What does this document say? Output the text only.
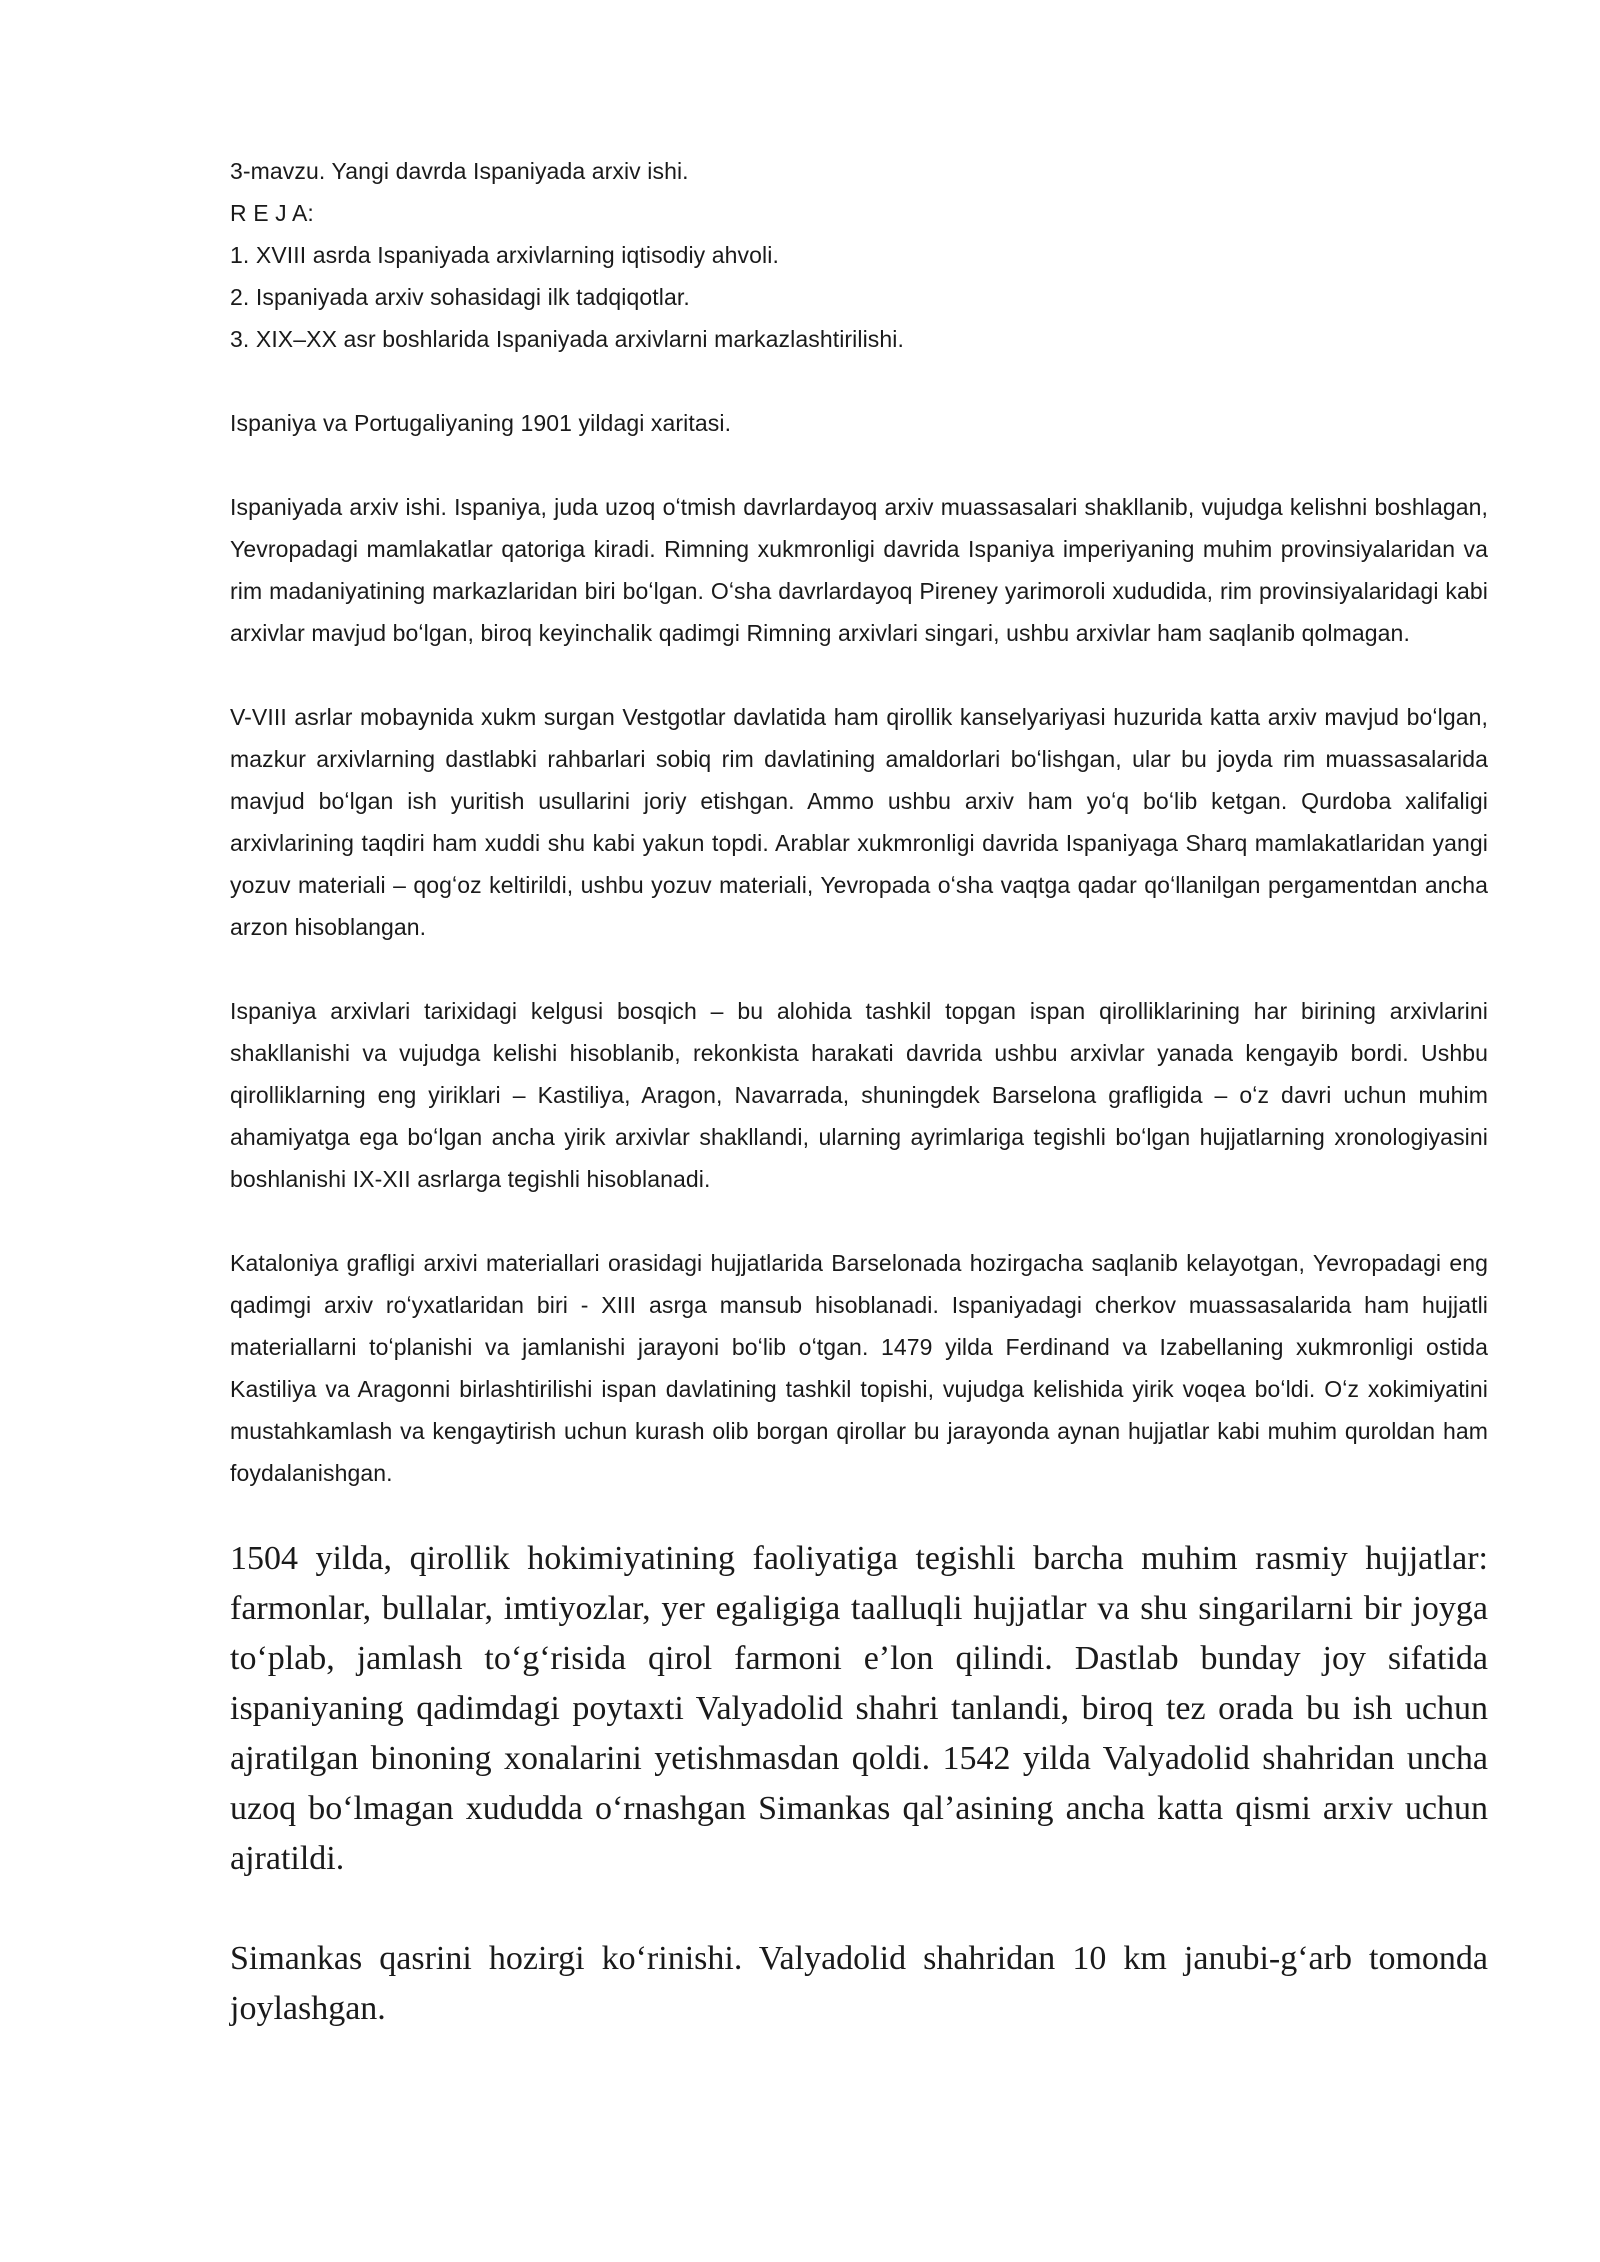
3-mavzu. Yangi davrda Ispaniyada arxiv ishi.
R E J A:
1. XVIII asrda Ispaniyada arxivlarning iqtisodiy ahvoli.
2. Ispaniyada arxiv sohasidagi ilk tadqiqotlar.
3. XIX–XX asr boshlarida Ispaniyada arxivlarni markazlashtirilishi.
Ispaniya va Portugaliyaning 1901 yildagi xaritasi.

Ispaniyada arxiv ishi. Ispaniya, juda uzoq oʻtmish davrlardayoq arxiv muassasalari shakllanib, vujudga kelishni boshlagan, Yevropadagi mamlakatlar qatoriga kiradi. Rimning xukmronligi davrida Ispaniya imperiyaning muhim provinsiyalaridan va rim madaniyatining markazlaridan biri boʻlgan. Oʻsha davrlardayoq Pireney yarimoroli xududida, rim provinsiyalaridagi kabi arxivlar mavjud boʻlgan, biroq keyinchalik qadimgi Rimning arxivlari singari, ushbu arxivlar ham saqlanib qolmagan.

V-VIII asrlar mobaynida xukm surgan Vestgotlar davlatida ham qirollik kanselyariyasi huzurida katta arxiv mavjud boʻlgan, mazkur arxivlarning dastlabki rahbarlari sobiq rim davlatining amaldorlari boʻlishgan, ular bu joyda rim muassasalarida mavjud boʻlgan ish yuritish usullarini joriy etishgan. Ammo ushbu arxiv ham yoʻq boʻlib ketgan. Qurdoba xalifaligi arxivlarining taqdiri ham xuddi shu kabi yakun topdi. Arablar xukmronligi davrida Ispaniyaga Sharq mamlakatlaridan yangi yozuv materiali – qogʻoz keltirildi, ushbu yozuv materiali, Yevropada oʻsha vaqtga qadar qoʻllanilgan pergamentdan ancha arzon hisoblangan.

Ispaniya arxivlari tarixidagi kelgusi bosqich – bu alohida tashkil topgan ispan qirolliklarining har birining arxivlarini shakllanishi va vujudga kelishi hisoblanib, rekonkista harakati davrida ushbu arxivlar yanada kengayib bordi. Ushbu qirolliklarning eng yiriklari – Kastiliya, Aragon, Navarrada, shuningdek Barselona grafligida – oʻz davri uchun muhim ahamiyatga ega boʻlgan ancha yirik arxivlar shakllandi, ularning ayrimlariga tegishli boʻlgan hujjatlarning xronologiyasini boshlanishi IX-XII asrlarga tegishli hisoblanadi.

Kataloniya grafligi arxivi materiallari orasidagi hujjatlarida Barselonada hozirgacha saqlanib kelayotgan, Yevropadagi eng qadimgi arxiv roʻyxatlaridan biri - XIII asrga mansub hisoblanadi. Ispaniyadagi cherkov muassasalarida ham hujjatli materiallarni toʻplanishi va jamlanishi jarayoni boʻlib oʻtgan. 1479 yilda Ferdinand va Izabellaning xukmronligi ostida Kastiliya va Aragonni birlashtirilishi ispan davlatining tashkil topishi, vujudga kelishida yirik voqea boʻldi. Oʻz xokimiyatini mustahkamlash va kengaytirish uchun kurash olib borgan qirollar bu jarayonda aynan hujjatlar kabi muhim quroldan ham foydalanishgan.

1504 yilda, qirollik hokimiyatining faoliyatiga tegishli barcha muhim rasmiy hujjatlar: farmonlar, bullalar, imtiyozlar, yer egaligiga taalluqli hujjatlar va shu singarilarni bir joyga toʻplab, jamlash toʻgʻrisida qirol farmoni eʼlon qilindi. Dastlab bunday joy sifatida ispaniyaning qadimdagi poytaxti Valyadolid shahri tanlandi, biroq tez orada bu ish uchun ajratilgan binoning xonalarini yetishmasdan qoldi. 1542 yilda Valyadolid shahridan uncha uzoq boʻlmagan xududda oʻrnashgan Simankas qalʼasining ancha katta qismi arxiv uchun ajratildi.

Simankas qasrini hozirgi koʻrinishi. Valyadolid shahridan 10 km janubi-gʻarb tomonda joylashgan.
